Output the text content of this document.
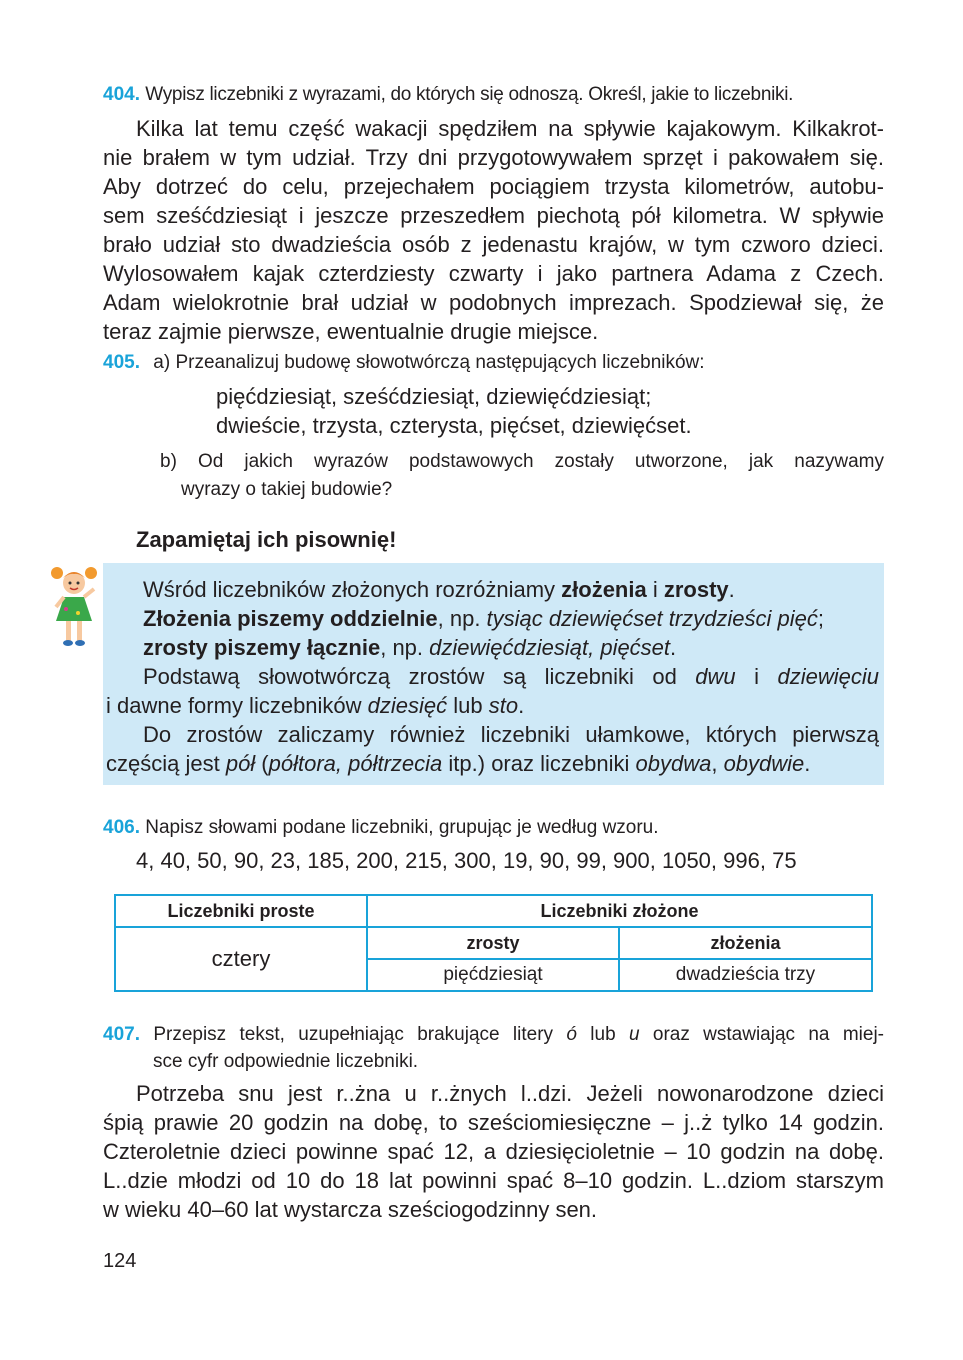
404. Wypisz liczebniki z wyrazami, do których się odnoszą. Określ, jakie to liczebniki.
Kilka lat temu część wakacji spędziłem na spływie kajakowym. Kilkakrot-
nie brałem w tym udział. Trzy dni przygotowywałem sprzęt i pakowałem się.
Aby dotrzeć do celu, przejechałem pociągiem trzysta kilometrów, autobu-
sem sześćdziesiąt i jeszcze przeszedłem piechotą pół kilometra. W spływie
brało udział sto dwadzieścia osób z jedenastu krajów, w tym czworo dzieci.
Wylosowałem kajak czterdziesty czwarty i jako partnera Adama z Czech.
Adam wielokrotnie brał udział w podobnych imprezach. Spodziewał się, że
teraz zajmie pierwsze, ewentualnie drugie miejsce.
405. a) Przeanalizuj budowę słowotwórczą następujących liczebników:
pięćdziesiąt, sześćdziesiąt, dziewięćdziesiąt;
dwieście, trzysta, czterysta, pięćset, dziewięćset.
b) Od jakich wyrazów podstawowych zostały utworzone, jak nazywamy
wyrazy o takiej budowie?
Zapamiętaj ich pisownię!
Wśród liczebników złożonych rozróżniamy złożenia i zrosty.
Złożenia piszemy oddzielnie, np. tysiąc dziewięćset trzydzieści pięć;
zrosty piszemy łącznie, np. dziewięćdziesiąt, pięćset.
Podstawą słowotwórczą zrostów są liczebniki od dwu i dziewięciu
i dawne formy liczebników dziesięć lub sto.
Do zrostów zaliczamy również liczebniki ułamkowe, których pierwszą
częścią jest pół (półtora, półtrzecia itp.) oraz liczebniki obydwa, obydwie.
406. Napisz słowami podane liczebniki, grupując je według wzoru.
4, 40, 50, 90, 23, 185, 200, 215, 300, 19, 90, 99, 900, 1050, 996, 75
Liczebniki proste	Liczebniki złożone	
cztery	zrosty	złożenia
	pięćdziesiąt	dwadzieścia trzy
407. Przepisz tekst, uzupełniając brakujące litery ó lub u oraz wstawiając na miej-
sce cyfr odpowiednie liczebniki.
Potrzeba snu jest r..żna u r..żnych l..dzi. Jeżeli nowonarodzone dzieci
śpią prawie 20 godzin na dobę, to sześciomiesięczne – j..ż tylko 14 godzin.
Czteroletnie dzieci powinne spać 12, a dziesięcioletnie – 10 godzin na dobę.
L..dzie młodzi od 10 do 18 lat powinni spać 8–10 godzin. L..dziom starszym
w wieku 40–60 lat wystarcza sześciogodzinny sen.
124
